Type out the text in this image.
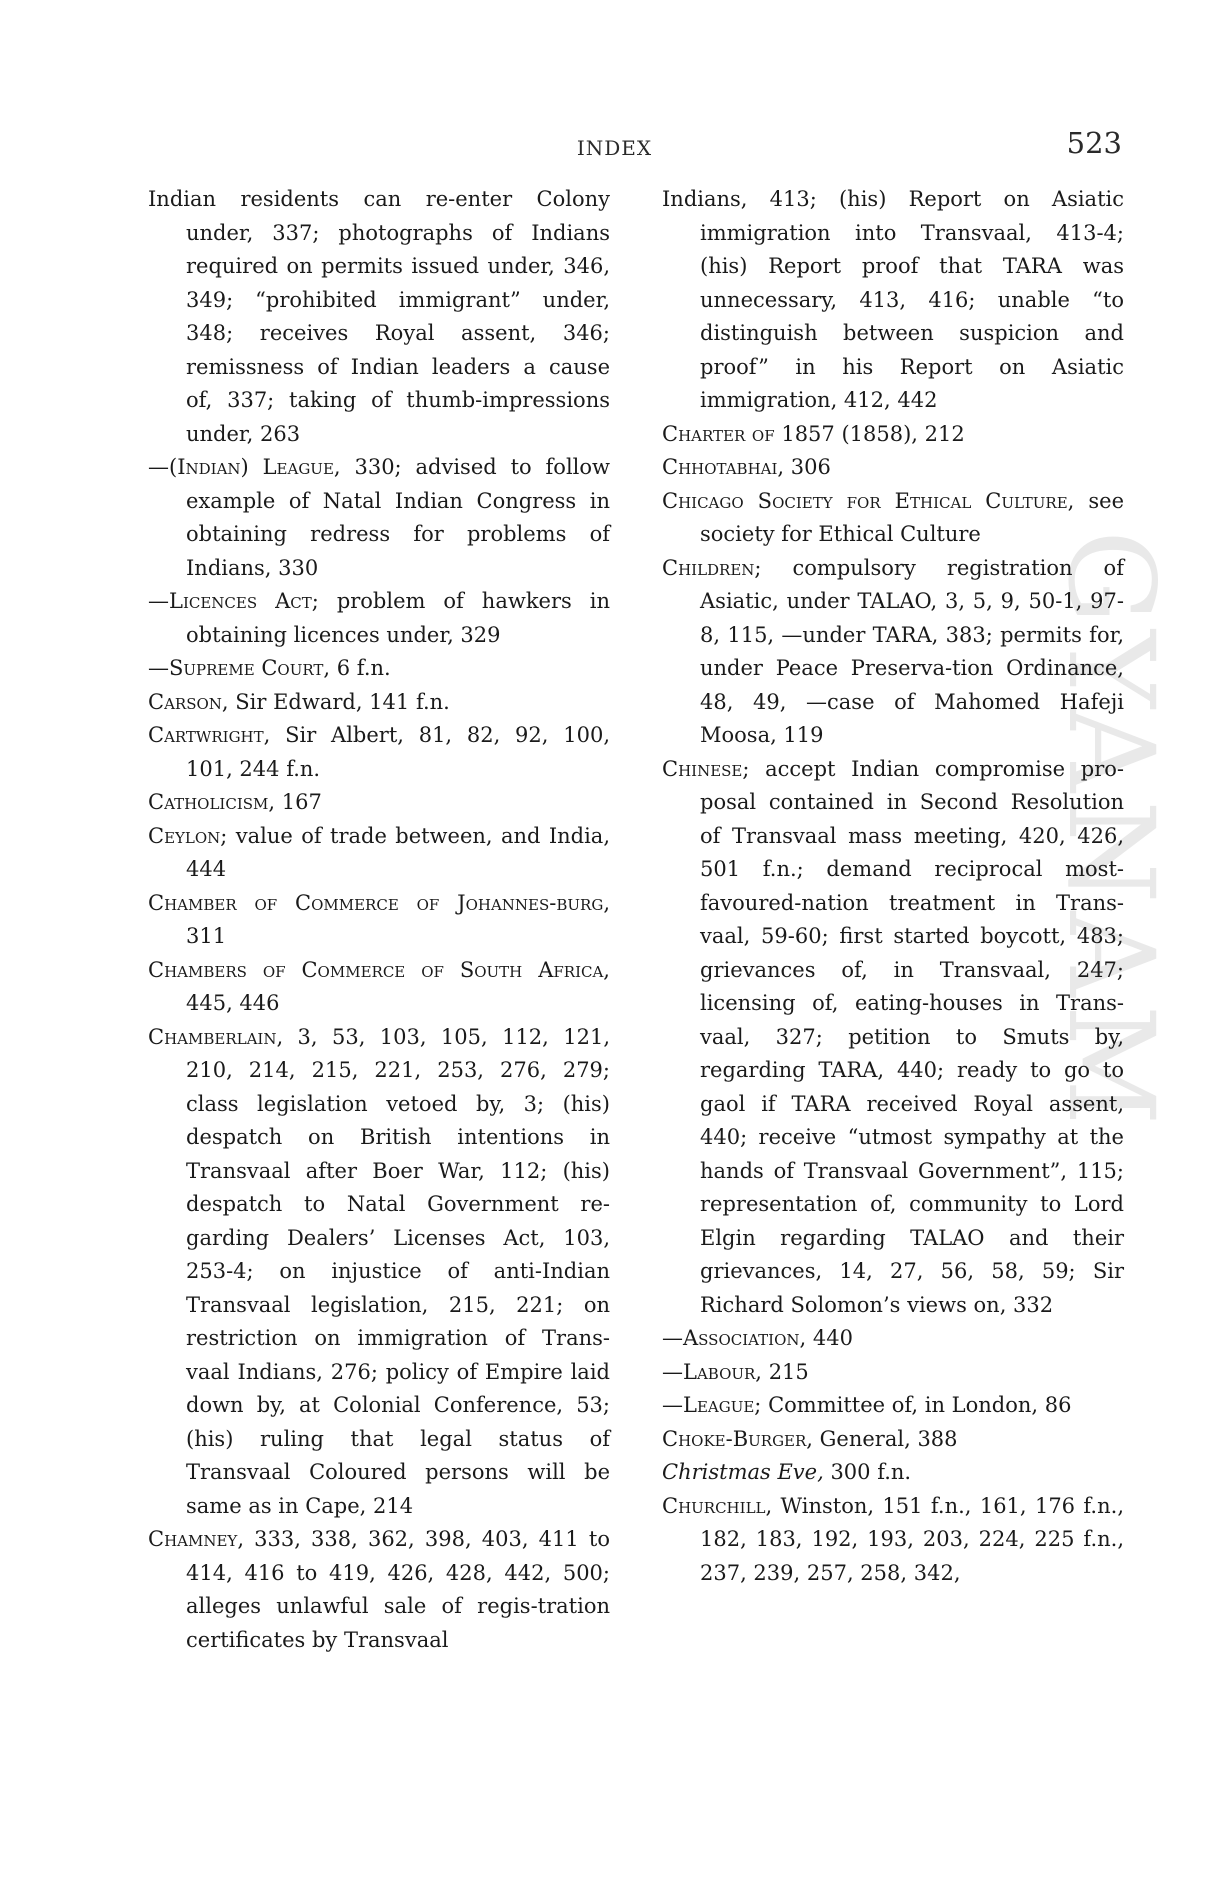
GYANAM
INDEX	523

Indian residents can re-enter Colony under, 337; photographs of Indians required on permits issued under, 346, 349; “prohibited immigrant” under, 348; receives Royal assent, 346; remissness of Indian leaders a cause of, 337; taking of thumb-impressions under, 263

—(Indian) League, 330; advised to follow example of Natal Indian Congress in obtaining redress for problems of Indians, 330

—Licences Act; problem of hawkers in obtaining licences under, 329

—Supreme Court, 6 f.n.

Carson, Sir Edward, 141 f.n.

Cartwright, Sir Albert, 81, 82, 92, 100, 101, 244 f.n.

Catholicism, 167

Ceylon; value of trade between, and India, 444

Chamber of Commerce of Johannes-burg, 311

Chambers of Commerce of South Africa, 445, 446

Chamberlain, 3, 53, 103, 105, 112, 121, 210, 214, 215, 221, 253, 276, 279; class legislation vetoed by, 3; (his) despatch on British intentions in Transvaal after Boer War, 112; (his) despatch to Natal Government re-garding Dealers’ Licenses Act, 103, 253-4; on injustice of anti-Indian Transvaal legislation, 215, 221; on restriction on immigration of Trans-vaal Indians, 276; policy of Empire laid down by, at Colonial Conference, 53; (his) ruling that legal status of Transvaal Coloured persons will be same as in Cape, 214

Chamney, 333, 338, 362, 398, 403, 411 to 414, 416 to 419, 426, 428, 442, 500; alleges unlawful sale of regis-tration certificates by Transvaal

Indians, 413; (his) Report on Asiatic immigration into Transvaal, 413-4; (his) Report proof that TARA was unnecessary, 413, 416; unable “to distinguish between suspicion and proof” in his Report on Asiatic immigration, 412, 442

Charter of 1857 (1858), 212

Chhotabhai, 306

Chicago Society for Ethical Culture, see society for Ethical Culture

Children; compulsory registration of Asiatic, under TALAO, 3, 5, 9, 50-1, 97-8, 115, —under TARA, 383; permits for, under Peace Preserva-tion Ordinance, 48, 49, —case of Mahomed Hafeji Moosa, 119

Chinese; accept Indian compromise pro-posal contained in Second Resolution of Transvaal mass meeting, 420, 426, 501 f.n.; demand reciprocal most-favoured-nation treatment in Trans-vaal, 59-60; first started boycott, 483; grievances of, in Transvaal, 247; licensing of, eating-houses in Trans-vaal, 327; petition to Smuts by, regarding TARA, 440; ready to go to gaol if TARA received Royal assent, 440; receive “utmost sympathy at the hands of Transvaal Government”, 115; representation of, community to Lord Elgin regarding TALAO and their grievances, 14, 27, 56, 58, 59; Sir Richard Solomon’s views on, 332

—Association, 440

—Labour, 215

—League; Committee of, in London, 86

Choke-Burger, General, 388

Christmas Eve, 300 f.n.

Churchill, Winston, 151 f.n., 161, 176 f.n., 182, 183, 192, 193, 203, 224, 225 f.n., 237, 239, 257, 258, 342,
